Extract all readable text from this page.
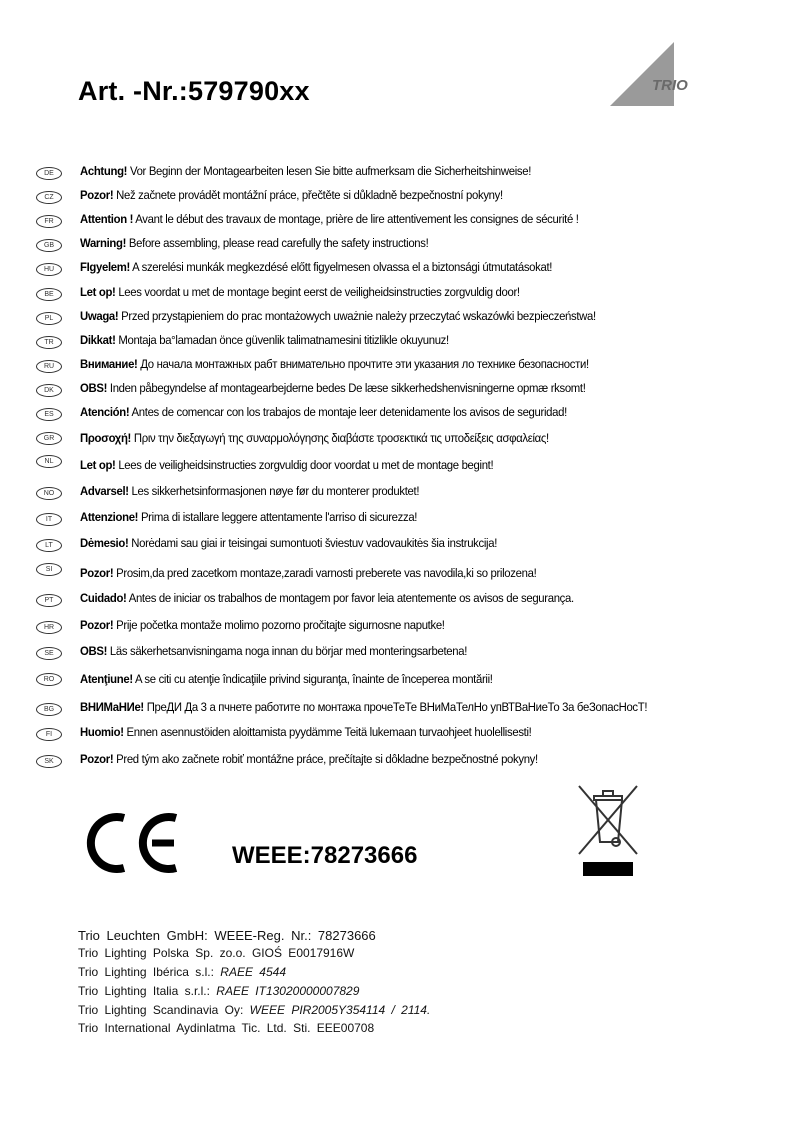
Art. -Nr.:579790xx	TRIO
DE	Achtung! Vor Beginn der Montagearbeiten lesen Sie bitte aufmerksam die Sicherheitshinweise!
CZ	Pozor! Než začnete provádět montážní práce, přečtěte si důkladně bezpečnostní pokyny!
FR	Attention ! Avant le début des travaux de montage, prière de lire attentivement les consignes de sécurité !
GB	Warning! Before assembling, please read carefully the safety instructions!
HU	FIgyelem! A szerelési munkák megkezdésé előtt figyelmesen olvassa el a biztonsági útmutatásokat!
BE	Let op! Lees voordat u met de montage begint eerst de veiligheidsinstructies zorgvuldig door!
PL	Uwaga! Przed przystąpieniem do prac montażowych uważnie należy przeczytać wskazówki bezpieczeństwa!
TR	Dikkat! Montaja ba°lamadan önce güvenlik talimatnamesini titizlikle okuyunuz!
RU	Внимание! До начала монтажных рабт внимательно прочтите эти указания ло технике безопасности!
DK	OBS! Inden påbegyndelse af montagearbejderne bedes De læse sikkerhedshenvisningerne opmæ rksomt!
ES	Atención! Antes de comencar con los trabajos de montaje leer detenidamente los avisos de seguridad!
GR	Προσοχή! Πριν την διεξαγωγή της συναρμολόγησης διαβάστε τροσεκτικά τις υποδείξεις ασφαλείας!
NL	Let op! Lees de veiligheidsinstructies zorgvuldig door voordat u met de montage begint!
NO	Advarsel! Les sikkerhetsinformasjonen nøye før du monterer produktet!
IT	Attenzione! Prima di istallare leggere attentamente l'arriso di sicurezza!
LT	Dėmesio! Norėdami sau giai ir teisingai sumontuoti šviestuv vadovaukitės šia instrukcija!
SI	Pozor! Prosim,da pred zacetkom montaze,zaradi varnosti preberete vas navodila,ki so prilozena!
PT	Cuidado! Antes de iniciar os trabalhos de montagem por favor leia atentemente os avisos de segurança.
HR	Pozor! Prije početka montaže molimo pozorno pročitajte sigurnosne naputke!
SE	OBS! Läs säkerhetsanvisningama noga innan du börjar med monteringsarbetena!
RO	Atenţiune! A se citi cu atenţie îndicaţiile privind siguranţa, înainte de începerea montării!
BG	ВНИМаНИе! ПреДИ Да 3 а пчнете работите по монтажа прочеТеТе ВНиМаТелНо упВТВаНиеТо 3а беЗопасНосТ!
FI	Huomio! Ennen asennustöiden aloittamista pyydämme Teitä lukemaan turvaohjeet huolellisesti!
SK	Pozor! Pred tým ako začnete robiť montážne práce, prečítajte si dôkladne bezpečnostné pokyny!
WEEE:78273666
Trio Leuchten GmbH: WEEE-Reg. Nr.: 78273666
Trio Lighting Polska Sp. zo.o. GIOŚ E0017916W
Trio Lighting Ibérica s.l.: RAEE 4544
Trio Lighting Italia s.r.l.: RAEE IT13020000007829
Trio Lighting Scandinavia Oy: WEEE PIR2005Y354114 / 2114.
Trio International Aydinlatma Tic. Ltd. Sti. EEE00708
